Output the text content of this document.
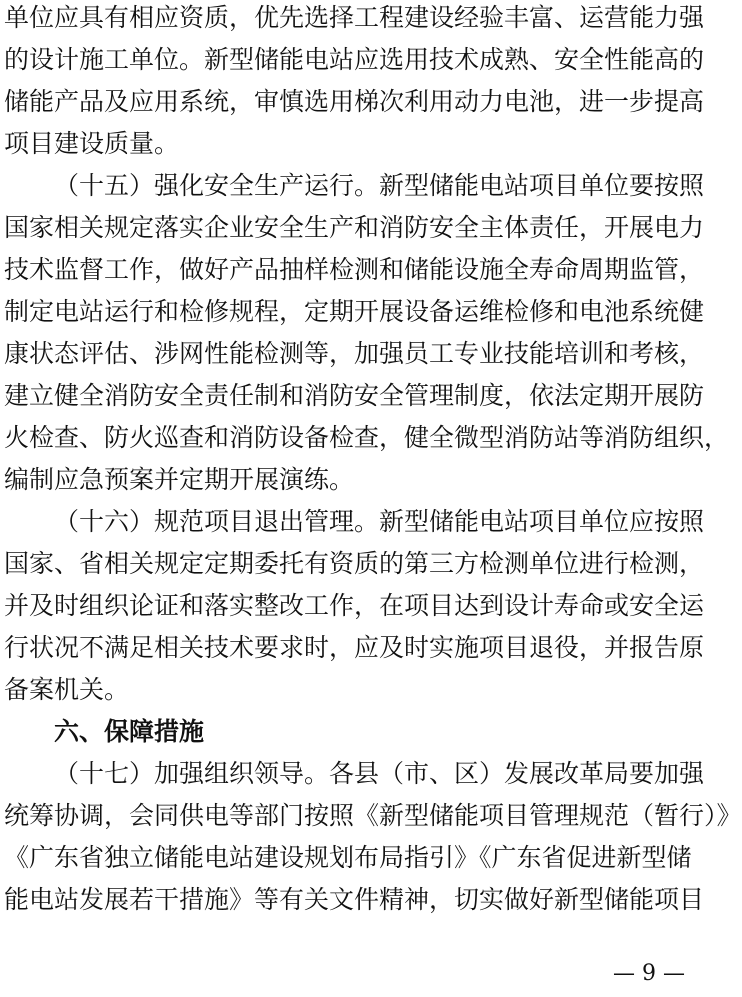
单位应具有相应资质，优先选择工程建设经验丰富、运营能力强
的设计施工单位。新型储能电站应选用技术成熟、安全性能高的
储能产品及应用系统，审慎选用梯次利用动力电池，进一步提高
项目建设质量。
（十五）强化安全生产运行。新型储能电站项目单位要按照
国家相关规定落实企业安全生产和消防安全主体责任，开展电力
技术监督工作，做好产品抽样检测和储能设施全寿命周期监管，
制定电站运行和检修规程，定期开展设备运维检修和电池系统健
康状态评估、涉网性能检测等，加强员工专业技能培训和考核，
建立健全消防安全责任制和消防安全管理制度，依法定期开展防
火检查、防火巡查和消防设备检查，健全微型消防站等消防组织，
编制应急预案并定期开展演练。
（十六）规范项目退出管理。新型储能电站项目单位应按照
国家、省相关规定定期委托有资质的第三方检测单位进行检测，
并及时组织论证和落实整改工作，在项目达到设计寿命或安全运
行状况不满足相关技术要求时，应及时实施项目退役，并报告原
备案机关。
六、保障措施
（十七）加强组织领导。各县（市、区）发展改革局要加强
统筹协调，会同供电等部门按照《新型储能项目管理规范（暂行）》
《广东省独立储能电站建设规划布局指引》《广东省促进新型储
能电站发展若干措施》等有关文件精神，切实做好新型储能项目
— 9 —
